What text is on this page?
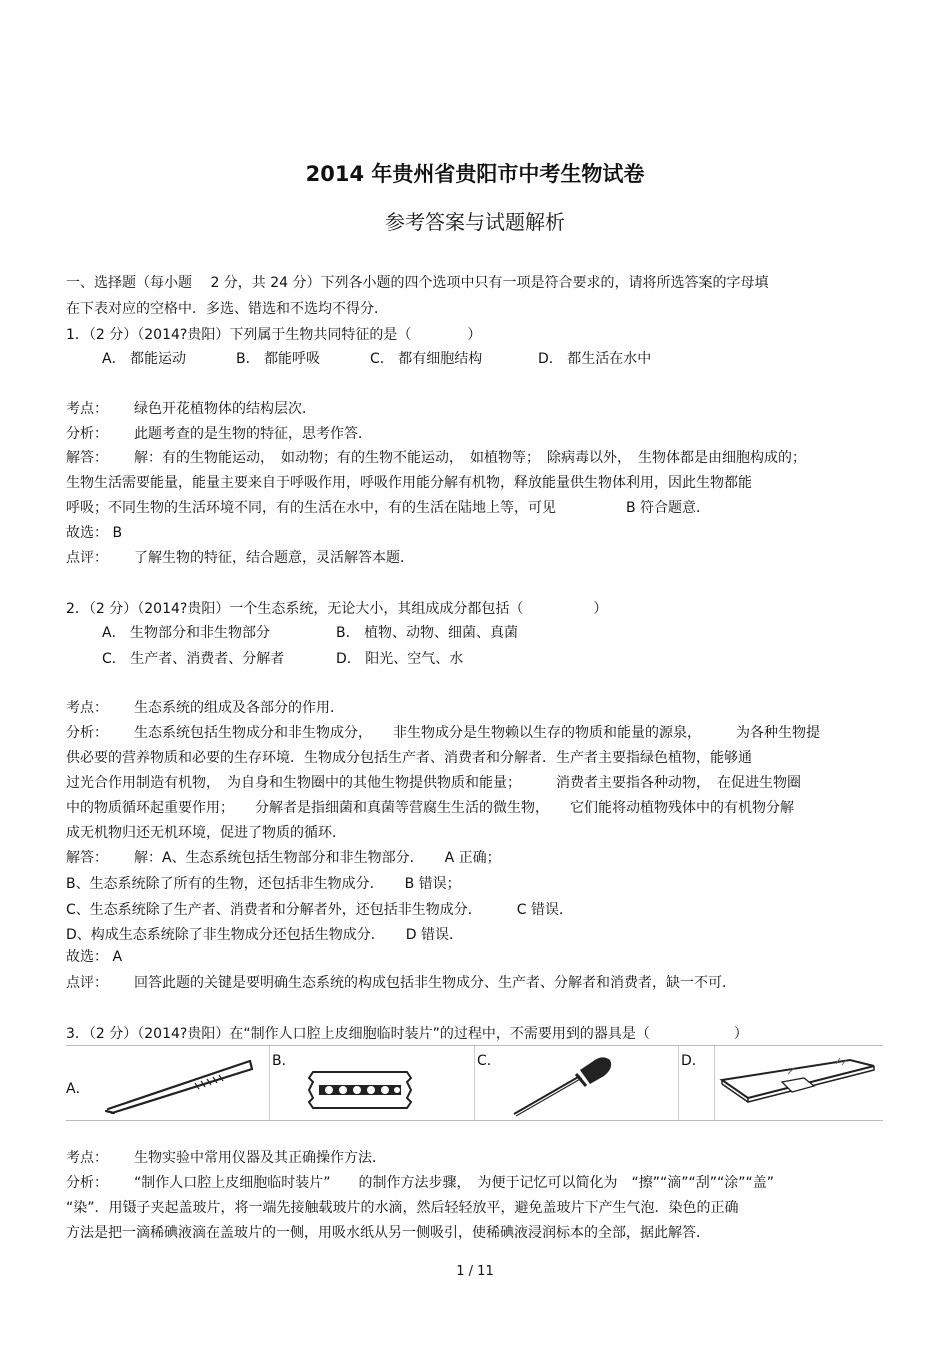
2014 年贵州省贵阳市中考生物试卷
参考答案与试题解析
一、选择题（每小题　 2 分，共 24 分）下列各小题的四个选项中只有一项是符合要求的，请将所选答案的字母填
在下表对应的空格中．多选、错选和不选均不得分．
1．（2 分）（2014?贵阳）下列属于生物共同特征的是（　　　　）
A． 都能运动	B． 都能呼吸	C． 都有细胞结构	D． 都生活在水中
考点： 绿色开花植物体的结构层次．
分析： 此题考查的是生物的特征，思考作答．
解答： 解：有的生物能运动，　如动物；有的生物不能运动，　如植物等；　除病毒以外，　生物体都是由细胞构成的；
生物生活需要能量，能量主要来自于呼吸作用，呼吸作用能分解有机物，释放能量供生物体利用，因此生物都能
呼吸；不同生物的生活环境不同，有的生活在水中，有的生活在陆地上等，可见　　　　　B 符合题意．
故选： B
点评： 了解生物的特征，结合题意，灵活解答本题．
2．（2 分）（2014?贵阳）一个生态系统，无论大小，其组成成分都包括（　　　　　）
A． 生物部分和非生物部分	B． 植物、动物、细菌、真菌
C． 生产者、消费者、分解者	D． 阳光、空气、水
考点： 生态系统的组成及各部分的作用．
分析： 生态系统包括生物成分和非生物成分，　　非生物成分是生物赖以生存的物质和能量的源泉，　　　为各种生物提
供必要的营养物质和必要的生存环境．生物成分包括生产者、消费者和分解者．生产者主要指绿色植物，能够通
过光合作用制造有机物，　为自身和生物圈中的其他生物提供物质和能量；　　　消费者主要指各种动物，　在促进生物圈
中的物质循环起重要作用；　　分解者是指细菌和真菌等营腐生生活的微生物，　　它们能将动植物残体中的有机物分解
成无机物归还无机环境，促进了物质的循环．
解答： 解：A、生态系统包括生物部分和非生物部分．　　A 正确；
B、生态系统除了所有的生物，还包括非生物成分．　　B 错误；
C、生态系统除了生产者、消费者和分解者外，还包括非生物成分．　　　C 错误．
D、构成生态系统除了非生物成分还包括生物成分．　　D 错误．
故选： A
点评： 回答此题的关键是要明确生态系统的构成包括非生物成分、生产者、分解者和消费者，缺一不可．
3．（2 分）（2014?贵阳）在“制作人口腔上皮细胞临时装片”的过程中，不需要用到的器具是（　　　　　　）
A．
B．	C．	D．
考点： 生物实验中常用仪器及其正确操作方法．
分析： “制作人口腔上皮细胞临时装片”　　的制作方法步骤，　为便于记忆可以简化为　“擦”“滴”“刮”“涂”“盖”
“染”．用镊子夹起盖玻片，将一端先接触载玻片的水滴，然后轻轻放平，避免盖玻片下产生气泡．染色的正确
方法是把一滴稀碘液滴在盖玻片的一侧，用吸水纸从另一侧吸引，使稀碘液浸润标本的全部，据此解答．
1 / 11
